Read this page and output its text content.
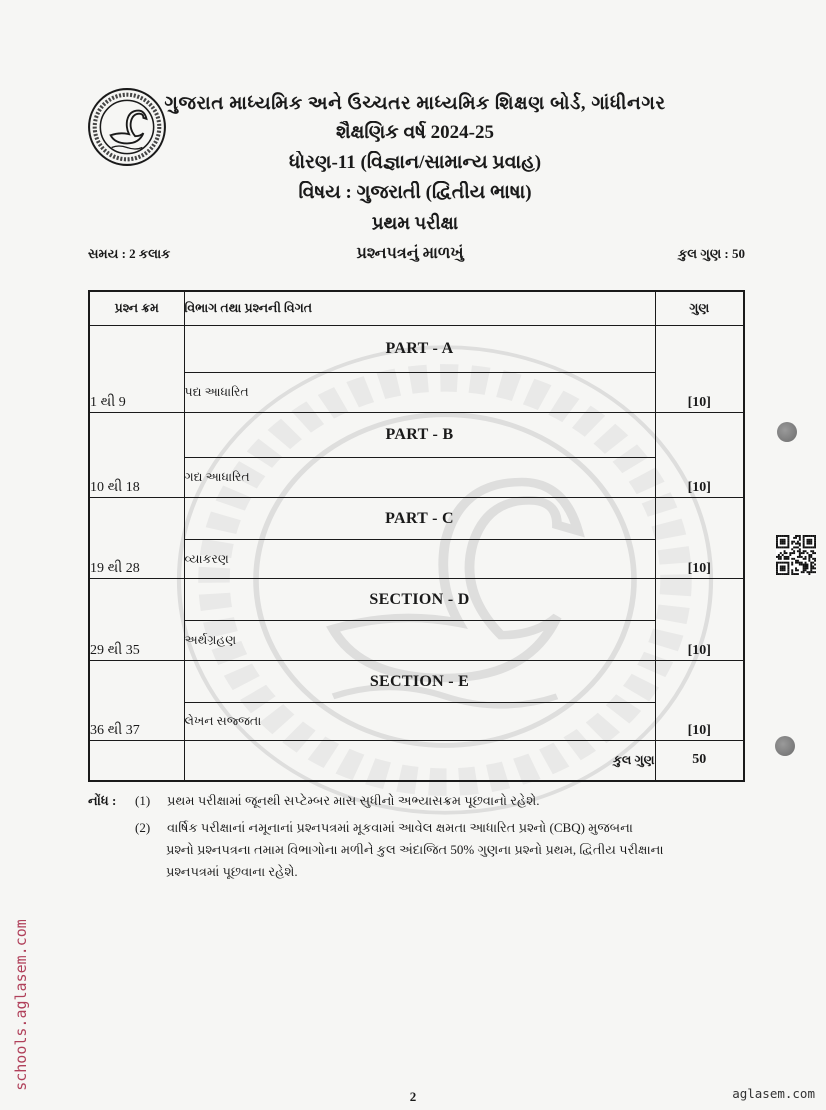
ગુજરાત માધ્યમિક અને ઉચ્ચતર માધ્યમિક શિક્ષણ બોર્ડ, ગાંધીનગર
શૈક્ષણિક વર્ષ 2024-25
ધોરણ-11 (વિજ્ઞાન/સામાન્ય પ્રવાહ)
વિષય : ગુજરાતી (દ્વિતીય ભાષા)
પ્રથમ પરીક્ષા
સમય : 2 કલાક	પ્રશ્નપત્રનું માળખું	કુલ ગુણ : 50
પ્રશ્ન ક્રમ	વિભાગ તથા પ્રશ્નની વિગત	ગુણ
1 થી 9	PART - A	[10]
	પદ્ય આધારિત	
10 થી 18	PART - B	[10]
	ગદ્ય આધારિત	
19 થી 28	PART - C	[10]
	વ્યાકરણ	
29 થી 35	SECTION - D	[10]
	અર્થગ્રહણ	
36 થી 37	SECTION - E	[10]
	લેખન સજ્જતા	
	કુલ ગુણ	50
નોંધ :	(1)	પ્રથમ પરીક્ષામાં જૂનથી સપ્ટેમ્બર માસ સુધીનો અભ્યાસક્રમ પૂછવાનો રહેશે.
(2)	વાર્ષિક પરીક્ષાનાં નમૂનાનાં પ્રશ્નપત્રમાં મૂકવામાં આવેલ ક્ષમતા આધારિત પ્રશ્નો (CBQ) મુજબના
પ્રશ્નો પ્રશ્નપત્રના તમામ વિભાગોના મળીને કુલ અંદાજિત 50% ગુણના પ્રશ્નો પ્રથમ, દ્વિતીય પરીક્ષાના
પ્રશ્નપત્રમાં પૂછવાના રહેશે.
schools.aglasem.com
2	aglasem.com
